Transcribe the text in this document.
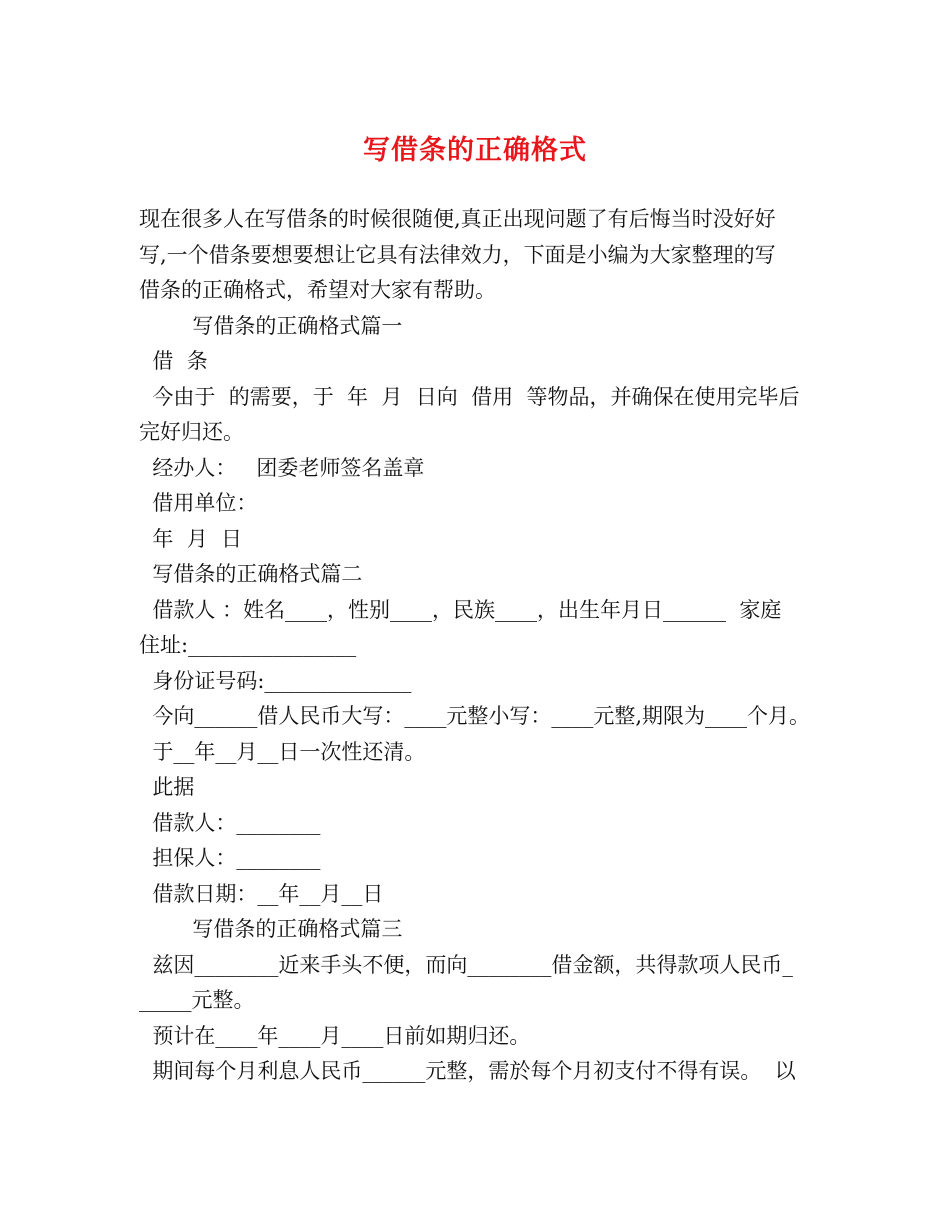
写借条的正确格式

现在很多人在写借条的时候很随便,真正出现问题了有后悔当时没好好

写,一个借条要想要想让它具有法律效力，下面是小编为大家整理的写

借条的正确格式，希望对大家有帮助。

写借条的正确格式篇一

借  条

今由于  的需要，于  年  月  日向  借用  等物品，并确保在使用完毕后

完好归还。

经办人：   团委老师签名盖章

借用单位：

年  月  日

写借条的正确格式篇二

借款人 ：姓名____，性别____，民族____，出生年月日______  家庭

住址:________________

身份证号码:______________

今向______借人民币大写：____元整小写：____元整,期限为____个月。

于__年__月__日一次性还清。

此据

借款人：________

担保人：________

借款日期：__年__月__日

写借条的正确格式篇三

兹因________近来手头不便，而向________借金额，共得款项人民币_

_____元整。

预计在____年____月____日前如期归还。

期间每个月利息人民币______元整，需於每个月初支付不得有误。  以
